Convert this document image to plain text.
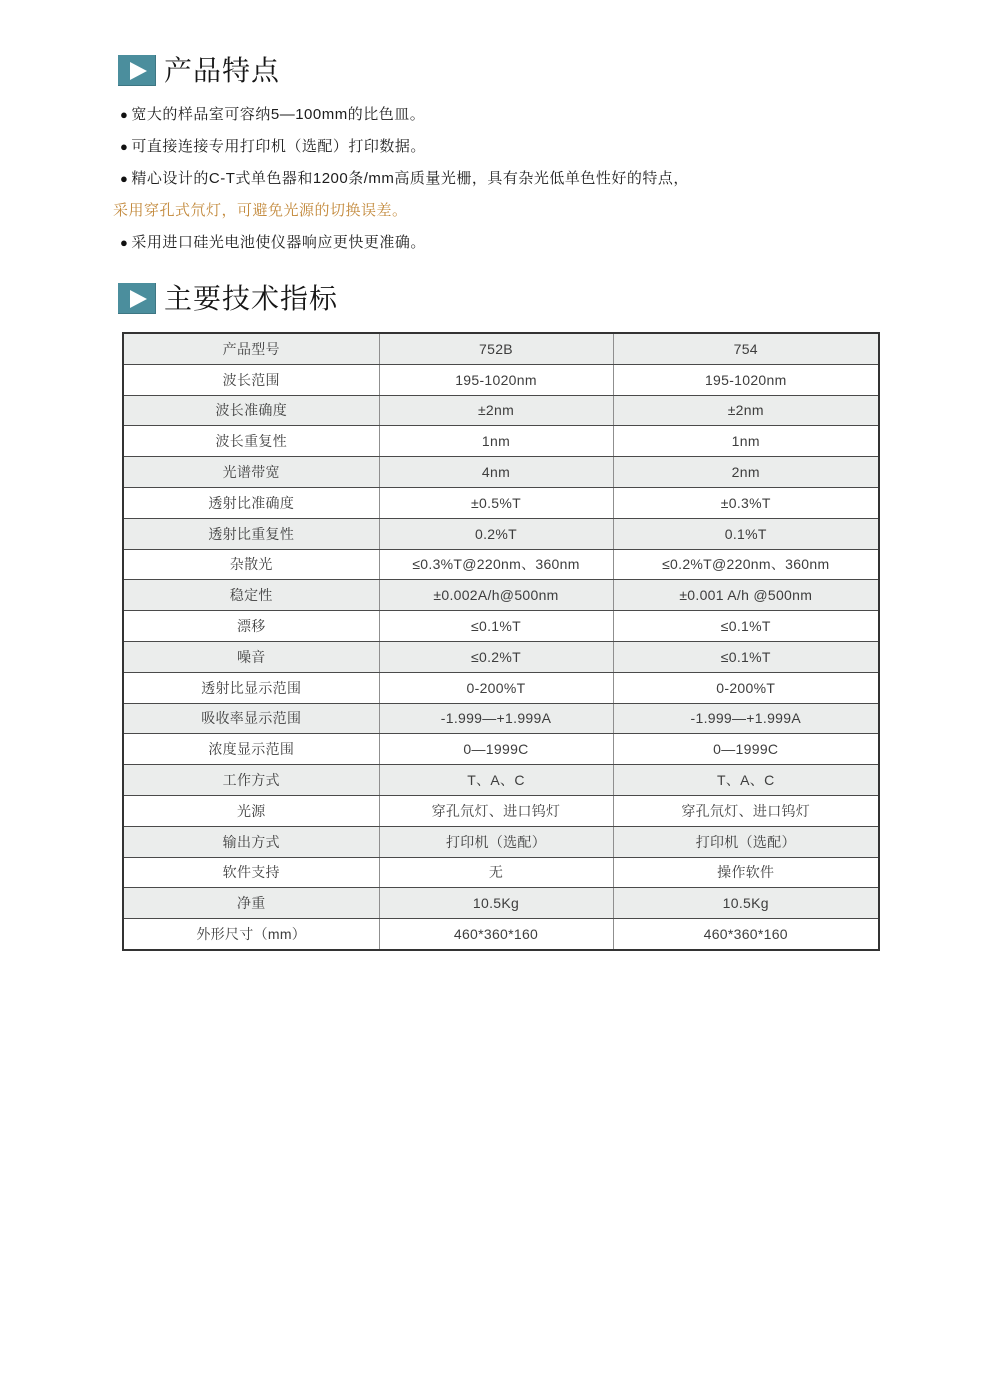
产品特点
● 宽大的样品室可容纳5—100mm的比色皿。
● 可直接连接专用打印机（选配）打印数据。
● 精心设计的C-T式单色器和1200条/mm高质量光栅，具有杂光低单色性好的特点，
采用穿孔式氘灯，可避免光源的切换误差。
● 采用进口硅光电池使仪器响应更快更准确。
主要技术指标
产品型号	752B	754
波长范围	195-1020nm	195-1020nm
波长准确度	±2nm	±2nm
波长重复性	1nm	1nm
光谱带宽	4nm	2nm
透射比准确度	±0.5%T	±0.3%T
透射比重复性	0.2%T	0.1%T
杂散光	≤0.3%T@220nm、360nm	≤0.2%T@220nm、360nm
稳定性	±0.002A/h@500nm	±0.001 A/h @500nm
漂移	≤0.1%T	≤0.1%T
噪音	≤0.2%T	≤0.1%T
透射比显示范围	0-200%T	0-200%T
吸收率显示范围	-1.999—+1.999A	-1.999—+1.999A
浓度显示范围	0—1999C	0—1999C
工作方式	T、A、C	T、A、C
光源	穿孔氘灯、进口钨灯	穿孔氘灯、进口钨灯
输出方式	打印机（选配）	打印机（选配）
软件支持	无	操作软件
净重	10.5Kg	10.5Kg
外形尺寸（mm）	460*360*160	460*360*160
